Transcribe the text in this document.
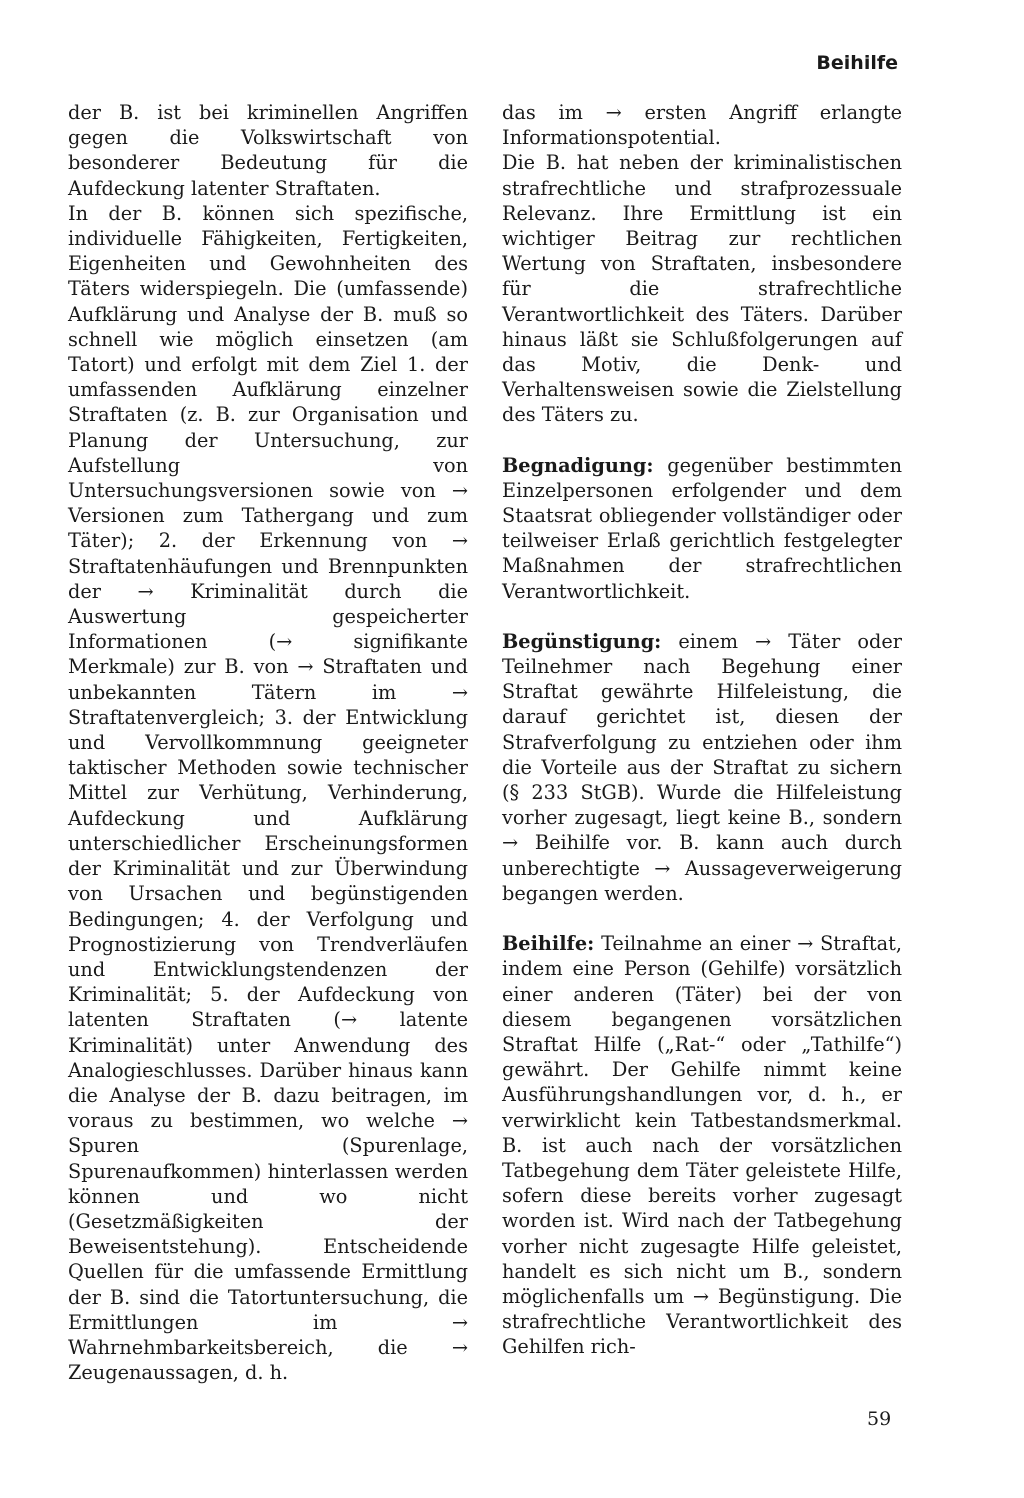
Beihilfe

der B. ist bei kriminellen Angriffen gegen die Volkswirtschaft von besonderer Bedeutung für die Aufdeckung latenter Straftaten.

In der B. können sich spezifische, individuelle Fähigkeiten, Fertigkeiten, Eigenheiten und Gewohnheiten des Täters widerspiegeln. Die (umfassende) Aufklärung und Analyse der B. muß so schnell wie möglich einsetzen (am Tatort) und erfolgt mit dem Ziel 1. der umfassenden Aufklärung einzelner Straftaten (z. B. zur Organisation und Planung der Untersuchung, zur Aufstellung von Untersuchungsversionen sowie von → Versionen zum Tathergang und zum Täter); 2. der Erkennung von → Straftatenhäufungen und Brennpunkten der → Kriminalität durch die Auswertung gespeicherter Informationen (→ signifikante Merkmale) zur B. von → Straftaten und unbekannten Tätern im → Straftatenvergleich; 3. der Entwicklung und Vervollkommnung geeigneter taktischer Methoden sowie technischer Mittel zur Verhütung, Verhinderung, Aufdeckung und Aufklärung unterschiedlicher Erscheinungsformen der Kriminalität und zur Überwindung von Ursachen und begünstigenden Bedingungen; 4. der Verfolgung und Prognostizierung von Trendverläufen und Entwicklungstendenzen der Kriminalität; 5. der Aufdeckung von latenten Straftaten (→ latente Kriminalität) unter Anwendung des Analogieschlusses. Darüber hinaus kann die Analyse der B. dazu beitragen, im voraus zu bestimmen, wo welche → Spuren (Spurenlage, Spurenaufkommen) hinterlassen werden können und wo nicht (Gesetzmäßigkeiten der Beweisentstehung). Entscheidende Quellen für die umfassende Ermittlung der B. sind die Tatortuntersuchung, die Ermittlungen im → Wahrnehmbarkeitsbereich, die → Zeugenaussagen, d. h.

das im → ersten Angriff erlangte Informationspotential.

Die B. hat neben der kriminalistischen strafrechtliche und strafprozessuale Relevanz. Ihre Ermittlung ist ein wichtiger Beitrag zur rechtlichen Wertung von Straftaten, insbesondere für die strafrechtliche Verantwortlichkeit des Täters. Darüber hinaus läßt sie Schlußfolgerungen auf das Motiv, die Denk- und Verhaltensweisen sowie die Zielstellung des Täters zu.

Begnadigung: gegenüber bestimmten Einzelpersonen erfolgender und dem Staatsrat obliegender vollständiger oder teilweiser Erlaß gerichtlich festgelegter Maßnahmen der strafrechtlichen Verantwortlichkeit.

Begünstigung: einem → Täter oder Teilnehmer nach Begehung einer Straftat gewährte Hilfeleistung, die darauf gerichtet ist, diesen der Strafverfolgung zu entziehen oder ihm die Vorteile aus der Straftat zu sichern (§ 233 StGB). Wurde die Hilfeleistung vorher zugesagt, liegt keine B., sondern → Beihilfe vor. B. kann auch durch unberechtigte → Aussageverweigerung begangen werden.

Beihilfe: Teilnahme an einer → Straftat, indem eine Person (Gehilfe) vorsätzlich einer anderen (Täter) bei der von diesem begangenen vorsätzlichen Straftat Hilfe („Rat-“ oder „Tathilfe“) gewährt. Der Gehilfe nimmt keine Ausführungshandlungen vor, d. h., er verwirklicht kein Tatbestandsmerkmal. B. ist auch nach der vorsätzlichen Tatbegehung dem Täter geleistete Hilfe, sofern diese bereits vorher zugesagt worden ist. Wird nach der Tatbegehung vorher nicht zugesagte Hilfe geleistet, handelt es sich nicht um B., sondern möglichenfalls um → Begünstigung. Die strafrechtliche Verantwortlichkeit des Gehilfen rich-

59
